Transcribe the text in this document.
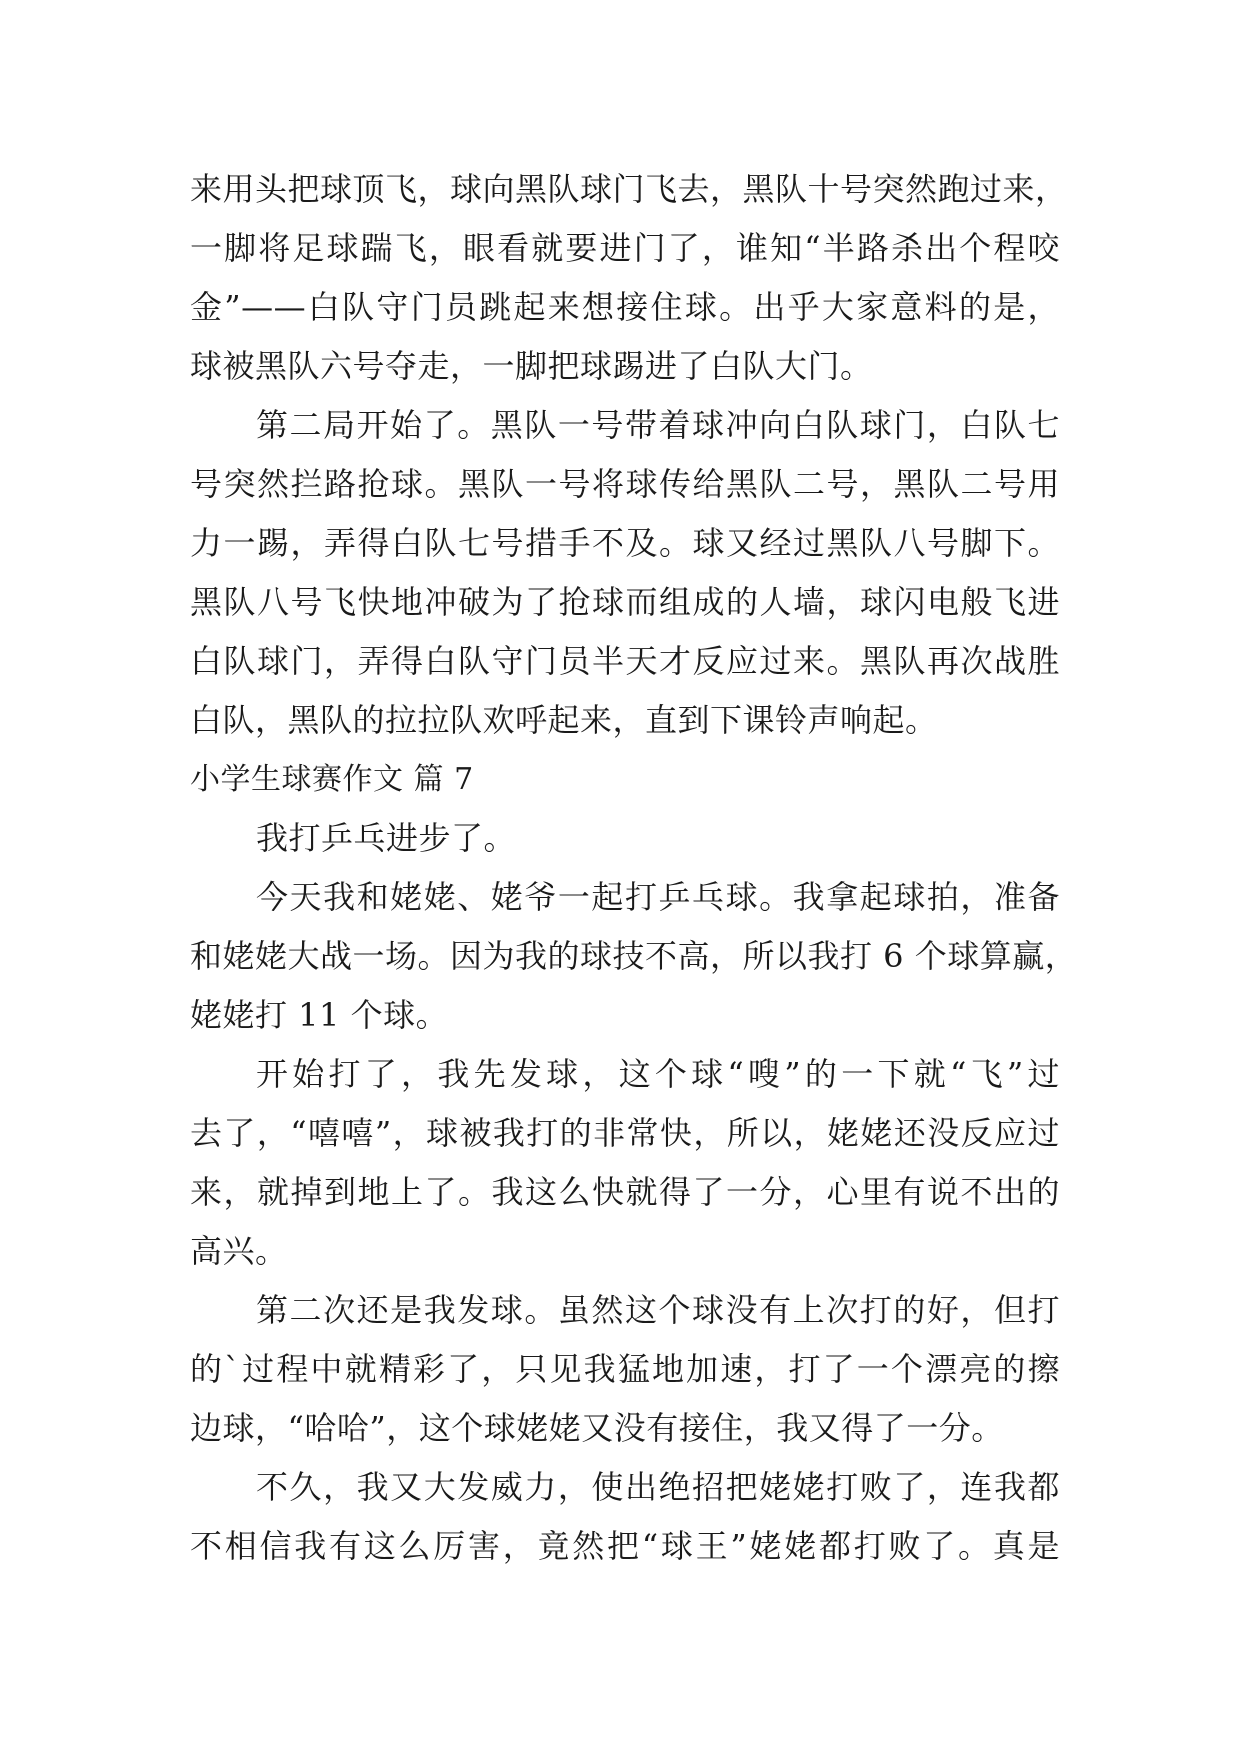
来用头把球顶飞，球向黑队球门飞去，黑队十号突然跑过来，
一脚将足球踹飞，眼看就要进门了，谁知“半路杀出个程咬
金”——白队守门员跳起来想接住球。出乎大家意料的是，
球被黑队六号夺走，一脚把球踢进了白队大门。
第二局开始了。黑队一号带着球冲向白队球门，白队七
号突然拦路抢球。黑队一号将球传给黑队二号，黑队二号用
力一踢，弄得白队七号措手不及。球又经过黑队八号脚下。
黑队八号飞快地冲破为了抢球而组成的人墙，球闪电般飞进
白队球门，弄得白队守门员半天才反应过来。黑队再次战胜
白队，黑队的拉拉队欢呼起来，直到下课铃声响起。
小学生球赛作文 篇 7
我打乒乓进步了。
今天我和姥姥、姥爷一起打乒乓球。我拿起球拍，准备
和姥姥大战一场。因为我的球技不高，所以我打 6 个球算赢，
姥姥打 11 个球。
开始打了，我先发球，这个球“嗖”的一下就“飞”过
去了，“嘻嘻”，球被我打的非常快，所以，姥姥还没反应过
来，就掉到地上了。我这么快就得了一分，心里有说不出的
高兴。
第二次还是我发球。虽然这个球没有上次打的好，但打
的`过程中就精彩了，只见我猛地加速，打了一个漂亮的擦
边球，“哈哈”，这个球姥姥又没有接住，我又得了一分。
不久，我又大发威力，使出绝招把姥姥打败了，连我都
不相信我有这么厉害，竟然把“球王”姥姥都打败了。真是
